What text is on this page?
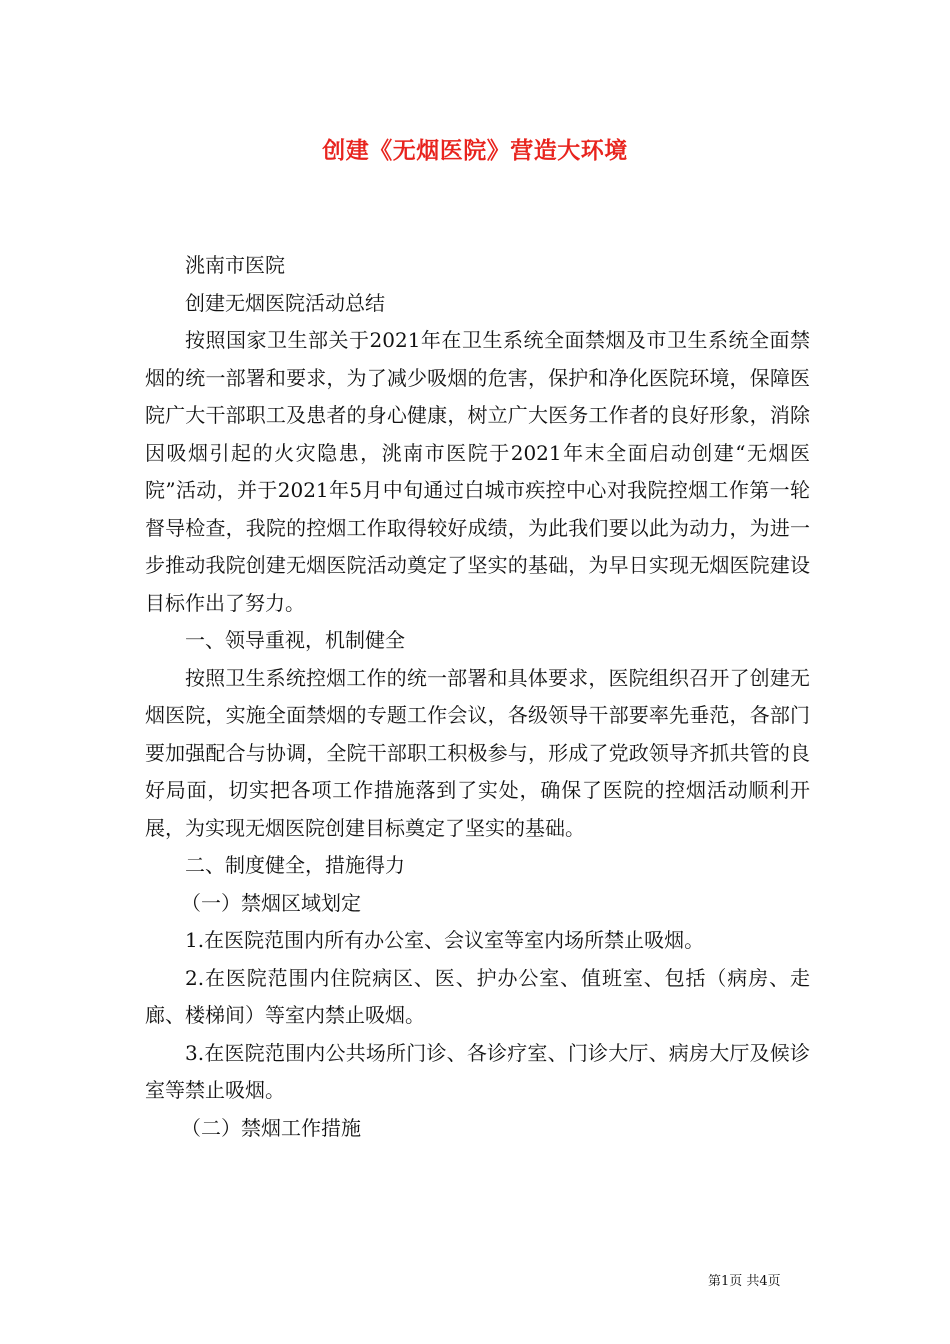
创建《无烟医院》营造大环境

洮南市医院

创建无烟医院活动总结

按照国家卫生部关于2021年在卫生系统全面禁烟及市卫生系统全面禁烟的统一部署和要求，为了减少吸烟的危害，保护和净化医院环境，保障医院广大干部职工及患者的身心健康，树立广大医务工作者的良好形象，消除因吸烟引起的火灾隐患，洮南市医院于2021年末全面启动创建“无烟医院”活动，并于2021年5月中旬通过白城市疾控中心对我院控烟工作第一轮督导检查，我院的控烟工作取得较好成绩，为此我们要以此为动力，为进一步推动我院创建无烟医院活动奠定了坚实的基础，为早日实现无烟医院建设目标作出了努力。

一、领导重视，机制健全

按照卫生系统控烟工作的统一部署和具体要求，医院组织召开了创建无烟医院，实施全面禁烟的专题工作会议，各级领导干部要率先垂范，各部门要加强配合与协调，全院干部职工积极参与，形成了党政领导齐抓共管的良好局面，切实把各项工作措施落到了实处，确保了医院的控烟活动顺利开展，为实现无烟医院创建目标奠定了坚实的基础。

二、制度健全，措施得力

（一）禁烟区域划定

1.在医院范围内所有办公室、会议室等室内场所禁止吸烟。

2.在医院范围内住院病区、医、护办公室、值班室、包括（病房、走廊、楼梯间）等室内禁止吸烟。

3.在医院范围内公共场所门诊、各诊疗室、门诊大厅、病房大厅及候诊室等禁止吸烟。

（二）禁烟工作措施

第1页 共4页
